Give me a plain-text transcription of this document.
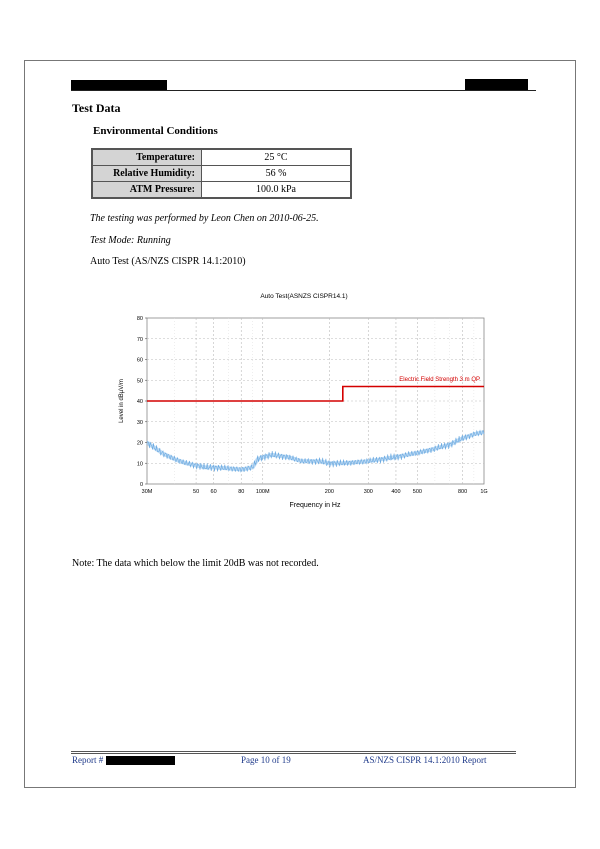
Test Data
Environmental Conditions
Temperature:	25 °C
Relative Humidity:	56 %
ATM Pressure:	100.0 kPa
The testing was performed by Leon Chen on 2010-06-25.
Test Mode: Running
Auto Test (AS/NZS CISPR 14.1:2010)
Auto Test(ASNZS CISPR14.1)
0
10
20
30
40
50
60
70
80
30M	50 60	80 100M	200	300	400 500	800 1G
Electric Field Strength 3 m QP
Frequency in Hz
Level in dBµV/m
Note: The data which below the limit 20dB was not recorded.
Report #	Page 10 of 19	AS/NZS CISPR 14.1:2010 Report
